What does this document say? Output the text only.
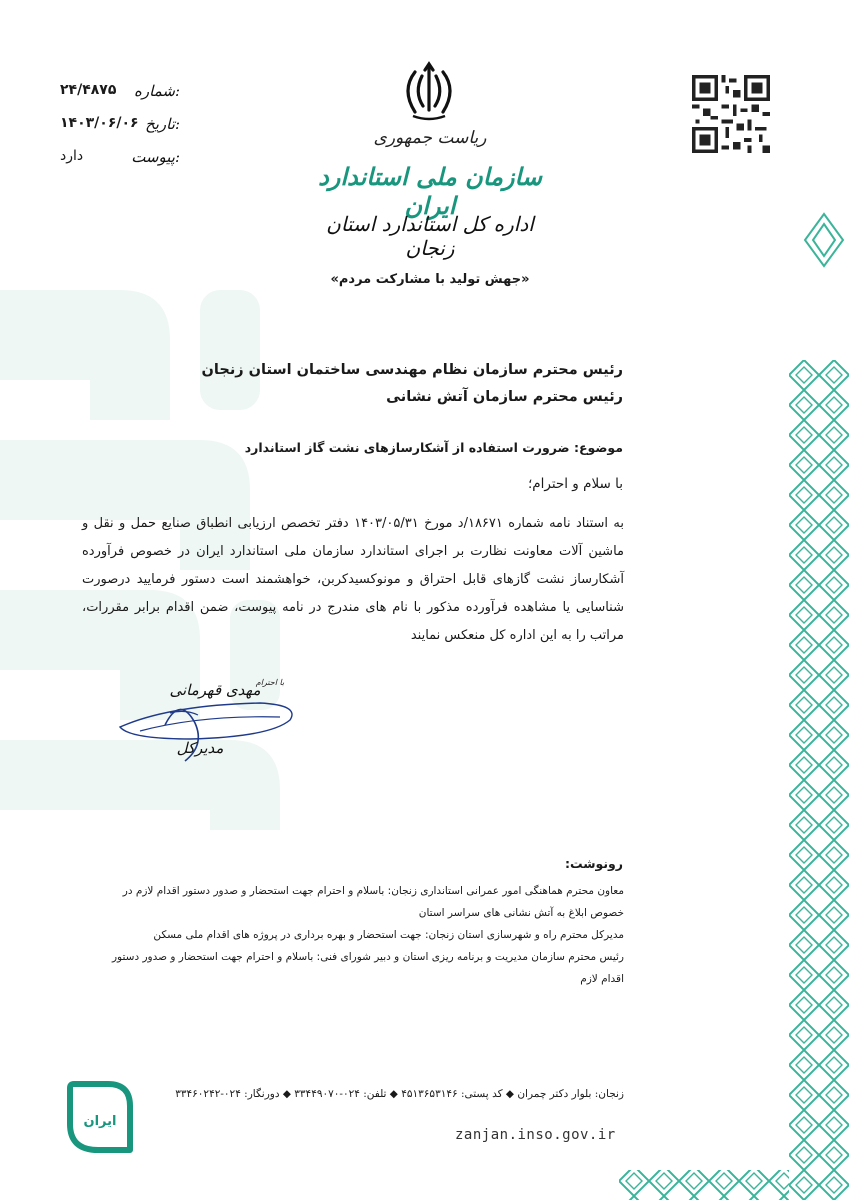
شماره:
۲۴/۴۸۷۵
تاریخ:
۱۴۰۳/۰۶/۰۶
پیوست:
دارد
ریاست جمهوری
سازمان ملی استاندارد ایران
اداره کل استاندارد استان زنجان
«جهش تولید با مشارکت مردم»
رئیس محترم سازمان نظام مهندسی ساختمان استان زنجان
رئیس محترم سازمان آتش نشانی
موضوع: ضرورت استفاده از آشکارسازهای نشت گاز استاندارد
با سلام و احترام؛
به استناد نامه شماره ۱۸۶۷۱/د مورخ ۱۴۰۳/۰۵/۳۱ دفتر تخصص ارزیابی انطباق صنایع حمل و نقل و ماشین آلات معاونت نظارت بر اجرای استاندارد سازمان ملی استاندارد ایران در خصوص فرآورده آشکارساز نشت گازهای قابل احتراق و مونوکسیدکربن، خواهشمند است دستور فرمایید درصورت شناسایی یا مشاهده فرآورده مذکور با نام های مندرج در نامه پیوست، ضمن اقدام برابر مقررات، مراتب را به این اداره کل منعکس نمایند
با احترام
مهدی قهرمانی
مدیرکل
رونوشت:
معاون محترم هماهنگی امور عمرانی استانداری زنجان: باسلام و احترام جهت استحضار و صدور دستور اقدام لازم در خصوص ابلاغ به آتش نشانی های سراسر استان
مدیرکل محترم راه و شهرسازی استان زنجان: جهت استحضار و بهره برداری در پروژه های اقدام ملی مسکن
رئیس محترم سازمان مدیریت و برنامه ریزی استان و دبیر شورای فنی: باسلام و احترام جهت استحضار و صدور دستور اقدام لازم
ایران
زنجان: بلوار دکتر چمران ◆ کد پستی: ۴۵۱۳۶۵۳۱۴۶ ◆ تلفن: ۰۲۴-۳۳۴۴۹۰۷۰ ◆ دورنگار: ۰۲۴-۳۳۴۶۰۲۴۲
zanjan.inso.gov.ir
